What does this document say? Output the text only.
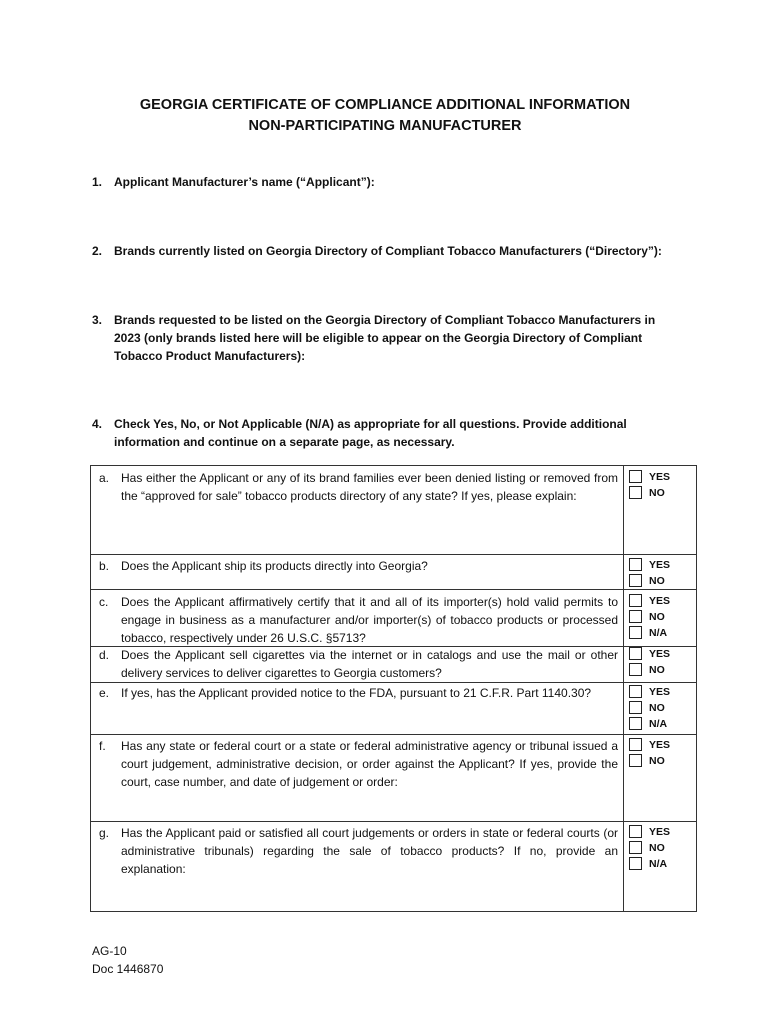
GEORGIA CERTIFICATE OF COMPLIANCE ADDITIONAL INFORMATION
NON-PARTICIPATING MANUFACTURER
1. Applicant Manufacturer’s name (“Applicant”):
2. Brands currently listed on Georgia Directory of Compliant Tobacco Manufacturers (“Directory”):
3. Brands requested to be listed on the Georgia Directory of Compliant Tobacco Manufacturers in 2023 (only brands listed here will be eligible to appear on the Georgia Directory of Compliant Tobacco Product Manufacturers):
4. Check Yes, No, or Not Applicable (N/A) as appropriate for all questions. Provide additional information and continue on a separate page, as necessary.
a. Has either the Applicant or any of its brand families ever been denied listing or removed from the “approved for sale” tobacco products directory of any state? If yes, please explain:
YES
NO
b. Does the Applicant ship its products directly into Georgia?	YES
NO
c. Does the Applicant affirmatively certify that it and all of its importer(s) hold valid permits to engage in business as a manufacturer and/or importer(s) of tobacco products or processed tobacco, respectively under 26 U.S.C. §5713?
YES
NO
N/A
d. Does the Applicant sell cigarettes via the internet or in catalogs and use the mail or other delivery services to deliver cigarettes to Georgia customers?
YES
NO
e. If yes, has the Applicant provided notice to the FDA, pursuant to 21 C.F.R. Part 1140.30?	YES
NO
N/A
f. Has any state or federal court or a state or federal administrative agency or tribunal issued a court judgement, administrative decision, or order against the Applicant? If yes, provide the court, case number, and date of judgement or order:
YES
NO
g. Has the Applicant paid or satisfied all court judgements or orders in state or federal courts (or administrative tribunals) regarding the sale of tobacco products? If no, provide an explanation:
YES
NO
N/A
AG-10
Doc 1446870
